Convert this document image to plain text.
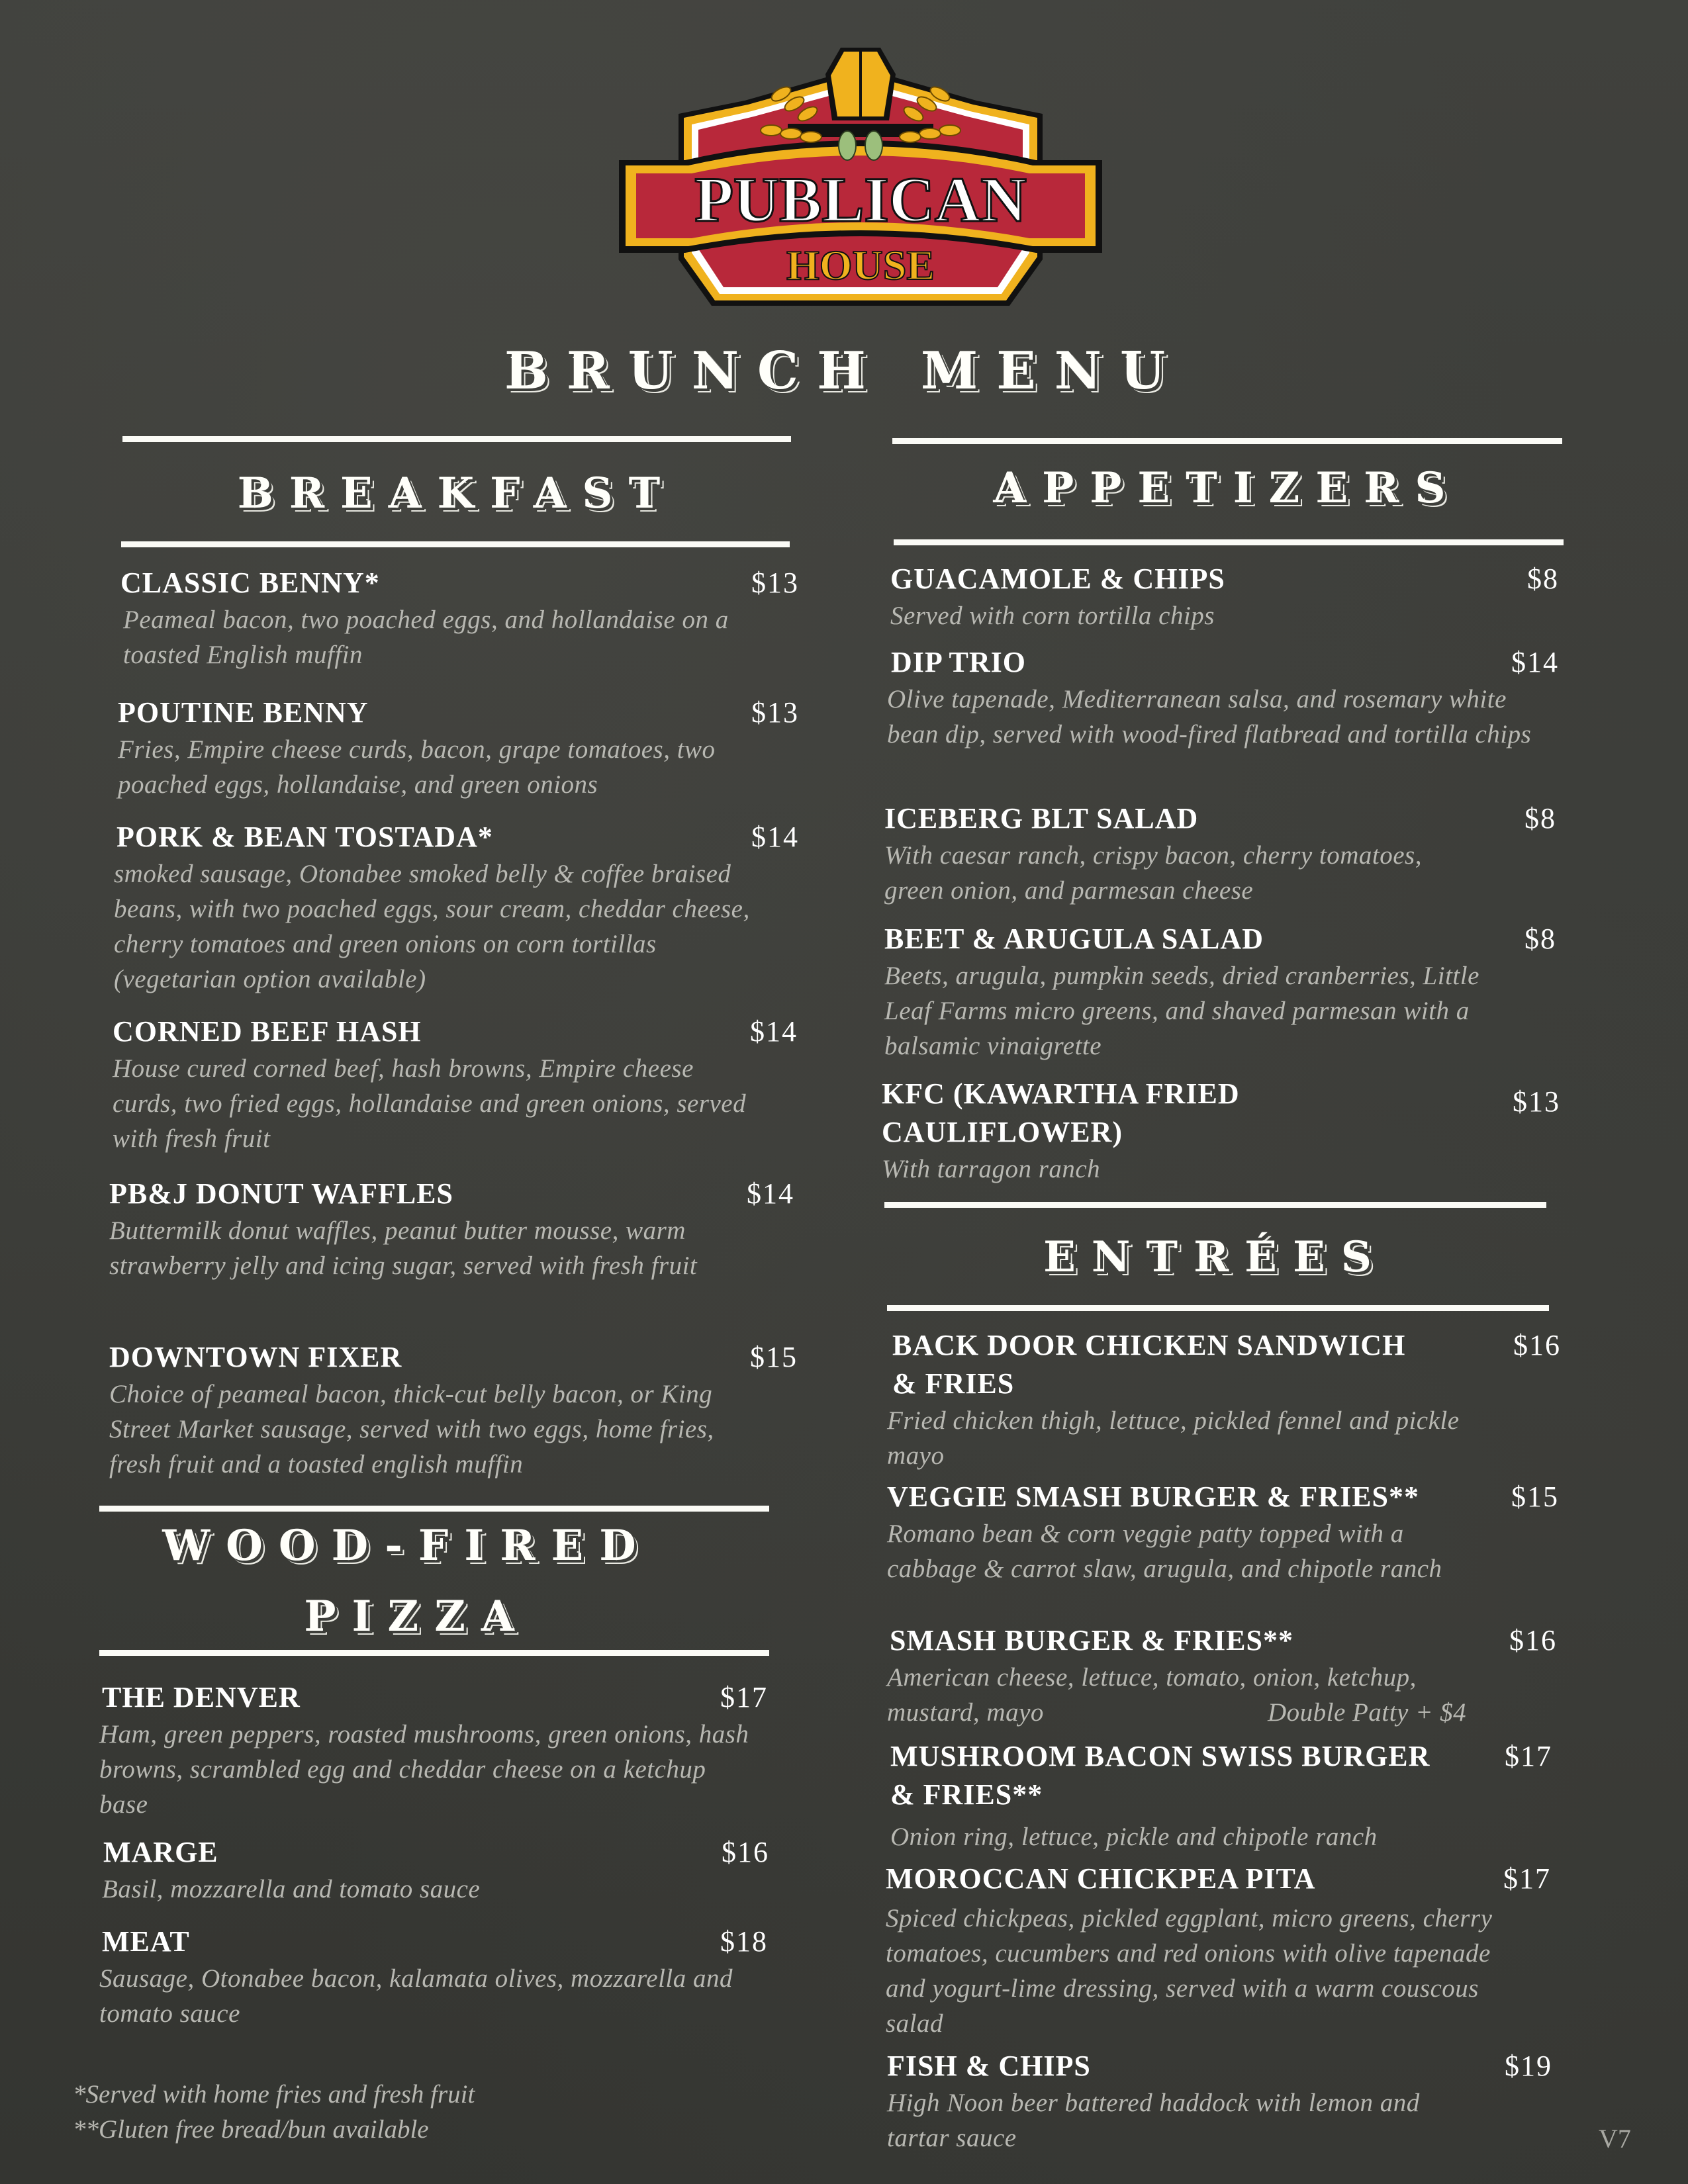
PUBLICAN
HOUSE
BRUNCH MENU
BREAKFAST
CLASSIC BENNY*	$13
Peameal bacon, two poached eggs, and hollandaise on a toasted English muffin
POUTINE BENNY	$13
Fries, Empire cheese curds, bacon, grape tomatoes, two poached eggs, hollandaise, and green onions
PORK & BEAN TOSTADA*	$14
smoked sausage, Otonabee smoked belly & coffee braised beans, with two poached eggs, sour cream, cheddar cheese, cherry tomatoes and green onions on corn tortillas (vegetarian option available)
CORNED BEEF HASH	$14
House cured corned beef, hash browns, Empire cheese curds, two fried eggs, hollandaise and green onions, served with fresh fruit
PB&J DONUT WAFFLES	$14
Buttermilk donut waffles, peanut butter mousse, warm strawberry jelly and icing sugar, served with fresh fruit
DOWNTOWN FIXER	$15
Choice of peameal bacon, thick-cut belly bacon, or King Street Market sausage, served with two eggs, home fries, fresh fruit and a toasted english muffin
WOOD-FIRED
PIZZA
THE DENVER	$17
Ham, green peppers, roasted mushrooms, green onions, hash browns, scrambled egg and cheddar cheese on a ketchup base
MARGE	$16
Basil, mozzarella and tomato sauce
MEAT	$18
Sausage, Otonabee bacon, kalamata olives, mozzarella and tomato sauce
*Served with home fries and fresh fruit
**Gluten free bread/bun available
APPETIZERS
GUACAMOLE & CHIPS	$8
Served with corn tortilla chips
DIP TRIO	$14
Olive tapenade, Mediterranean salsa, and rosemary white bean dip, served with wood-fired flatbread and tortilla chips
ICEBERG BLT SALAD	$8
With caesar ranch, crispy bacon, cherry tomatoes, green onion, and parmesan cheese
BEET & ARUGULA SALAD	$8
Beets, arugula, pumpkin seeds, dried cranberries, Little Leaf Farms micro greens, and shaved parmesan with a balsamic vinaigrette
KFC (KAWARTHA FRIED CAULIFLOWER)
$13
With tarragon ranch
ENTRÉES
BACK DOOR CHICKEN SANDWICH & FRIES
$16
Fried chicken thigh, lettuce, pickled fennel and pickle mayo
VEGGIE SMASH BURGER & FRIES**	$15
Romano bean & corn veggie patty topped with a cabbage & carrot slaw, arugula, and chipotle ranch
SMASH BURGER & FRIES**	$16
American cheese, lettuce, tomato, onion, ketchup, mustard, mayo	Double Patty + $4
MUSHROOM BACON SWISS BURGER & FRIES**
$17
Onion ring, lettuce, pickle and chipotle ranch
MOROCCAN CHICKPEA PITA	$17
Spiced chickpeas, pickled eggplant, micro greens, cherry tomatoes, cucumbers and red onions with olive tapenade and yogurt-lime dressing, served with a warm couscous salad
FISH & CHIPS	$19
High Noon beer battered haddock with lemon and tartar sauce	V7
